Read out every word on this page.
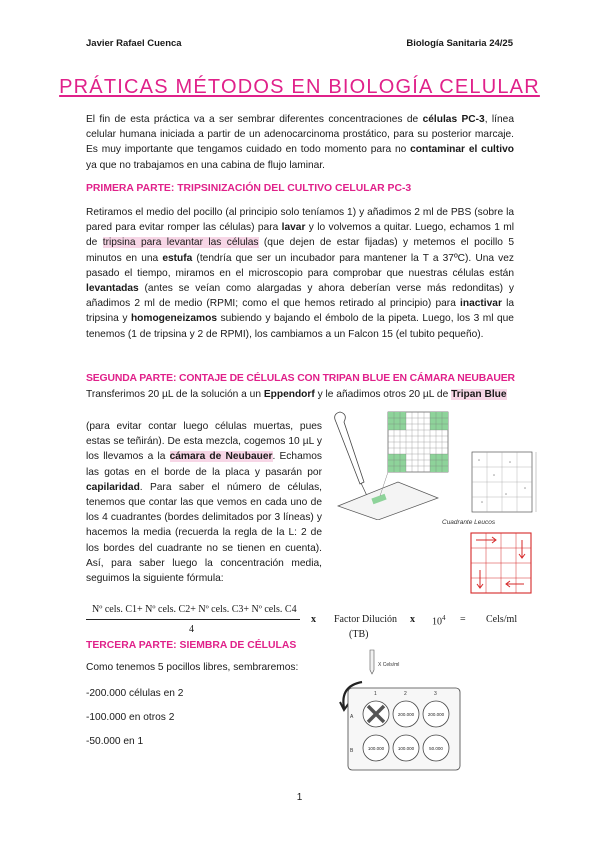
Javier Rafael Cuenca	Biología Sanitaria 24/25
PRÁTICAS MÉTODOS EN BIOLOGÍA CELULAR

El fin de esta práctica va a ser sembrar diferentes concentraciones de células PC-3, línea celular humana iniciada a partir de un adenocarcinoma prostático, para su posterior marcaje. Es muy importante que tengamos cuidado en todo momento para no contaminar el cultivo ya que no trabajamos en una cabina de flujo laminar.

PRIMERA PARTE: TRIPSINIZACIÓN DEL CULTIVO CELULAR PC-3

Retiramos el medio del pocillo (al principio solo teníamos 1) y añadimos 2 ml de PBS (sobre la pared para evitar romper las células) para lavar y lo volvemos a quitar. Luego, echamos 1 ml de tripsina para levantar las células (que dejen de estar fijadas) y metemos el pocillo 5 minutos en una estufa (tendría que ser un incubador para mantener la T a 37ºC). Una vez pasado el tiempo, miramos en el microscopio para comprobar que nuestras células están levantadas (antes se veían como alargadas y ahora deberían verse más redonditas) y añadimos 2 ml de medio (RPMI; como el que hemos retirado al principio) para inactivar la tripsina y homogeneizamos subiendo y bajando el émbolo de la pipeta. Luego, los 3 ml que tenemos (1 de tripsina y 2 de RPMI), los cambiamos a un Falcon 15 (el tubito pequeño).

SEGUNDA PARTE: CONTAJE DE CÉLULAS CON TRIPAN BLUE EN CÁMARA NEUBAUER

Transferimos 20 µL de la solución a un Eppendorf y le añadimos otros 20 µL de Tripan Blue

(para evitar contar luego células muertas, pues estas se teñirán). De esta mezcla, cogemos 10 µL y los llevamos a la cámara de Neubauer. Echamos las gotas en el borde de la placa y pasarán por capilaridad. Para saber el número de células, tenemos que contar las que vemos en cada uno de los 4 cuadrantes (bordes delimitados por 3 líneas) y hacemos la media (recuerda la regla de la L: 2 de los bordes del cuadrante no se tienen en cuenta). Así, para saber luego la concentración media, seguimos la siguiente fórmula:

Cuadrante Leucos
Nº cels. C1+ Nº cels. C2+ Nº cels. C3+ Nº cels. C4
4
x Factor Dilución
(TB)
x $10^4$ = Cels/ml
TERCERA PARTE: SIEMBRA DE CÉLULAS
Como tenemos 5 pocillos libres, sembraremos:
-200.000 células en 2
-100.000 en otros 2
-50.000 en 1
X Cels/ml
A
B
1	2	3
200.000	200.000
100.000	100.000	50.000
1
